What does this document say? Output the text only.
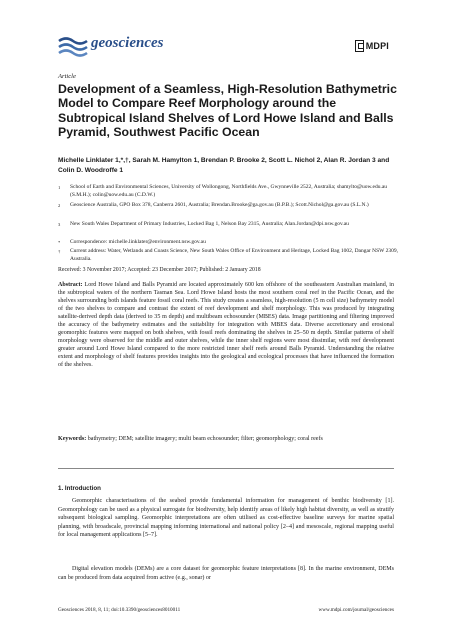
geosciences	MDPI
Article
Development of a Seamless, High-Resolution Bathymetric Model to Compare Reef Morphology around the Subtropical Island Shelves of Lord Howe Island and Balls Pyramid, Southwest Pacific Ocean
Michelle Linklater 1,*,†, Sarah M. Hamylton 1, Brendan P. Brooke 2, Scott L. Nichol 2, Alan R. Jordan 3 and Colin D. Woodroffe 1
1	School of Earth and Environmental Sciences, University of Wollongong, Northfields Ave., Gwynneville 2522, Australia; shamylto@uow.edu.au (S.M.H.); colin@uow.edu.au (C.D.W.)
2	Geoscience Australia, GPO Box 378, Canberra 2601, Australia; Brendan.Brooke@ga.gov.au (B.P.B.); Scott.Nichol@ga.gov.au (S.L.N.)
3	New South Wales Department of Primary Industries, Locked Bag 1, Nelson Bay 2315, Australia; Alan.Jordan@dpi.nsw.gov.au
*	Correspondence: michelle.linklater@environment.nsw.gov.au
†	Current address: Water, Wetlands and Coasts Science, New South Wales Office of Environment and Heritage, Locked Bag 1002, Dangar NSW 2309, Australia.
Received: 3 November 2017; Accepted: 23 December 2017; Published: 2 January 2018
Abstract: Lord Howe Island and Balls Pyramid are located approximately 600 km offshore of the southeastern Australian mainland, in the subtropical waters of the northern Tasman Sea. Lord Howe Island hosts the most southern coral reef in the Pacific Ocean, and the shelves surrounding both islands feature fossil coral reefs. This study creates a seamless, high-resolution (5 m cell size) bathymetry model of the two shelves to compare and contrast the extent of reef development and shelf morphology. This was produced by integrating satellite-derived depth data (derived to 35 m depth) and multibeam echosounder (MBES) data. Image partitioning and filtering improved the accuracy of the bathymetry estimates and the suitability for integration with MBES data. Diverse accretionary and erosional geomorphic features were mapped on both shelves, with fossil reefs dominating the shelves in 25–50 m depth. Similar patterns of shelf morphology were observed for the middle and outer shelves, while the inner shelf regions were most dissimilar, with reef development greater around Lord Howe Island compared to the more restricted inner shelf reefs around Balls Pyramid. Understanding the relative extent and morphology of shelf features provides insights into the geological and ecological processes that have influenced the formation of the shelves.
Keywords: bathymetry; DEM; satellite imagery; multi beam echosounder; filter; geomorphology; coral reefs
1. Introduction
Geomorphic characterisations of the seabed provide fundamental information for management of benthic biodiversity [1]. Geomorphology can be used as a physical surrogate for biodiversity, help identify areas of likely high habitat diversity, as well as stratify subsequent biological sampling. Geomorphic interpretations are often utilised as cost-effective baseline surveys for marine spatial planning, with broadscale, provincial mapping informing international and national policy [2–4] and mesoscale, regional mapping useful for local management applications [5–7].
Digital elevation models (DEMs) are a core dataset for geomorphic feature interpretations [8]. In the marine environment, DEMs can be produced from data acquired from active (e.g., sonar) or
Geosciences 2018, 8, 11; doi:10.3390/geosciences8010011	www.mdpi.com/journal/geosciences
